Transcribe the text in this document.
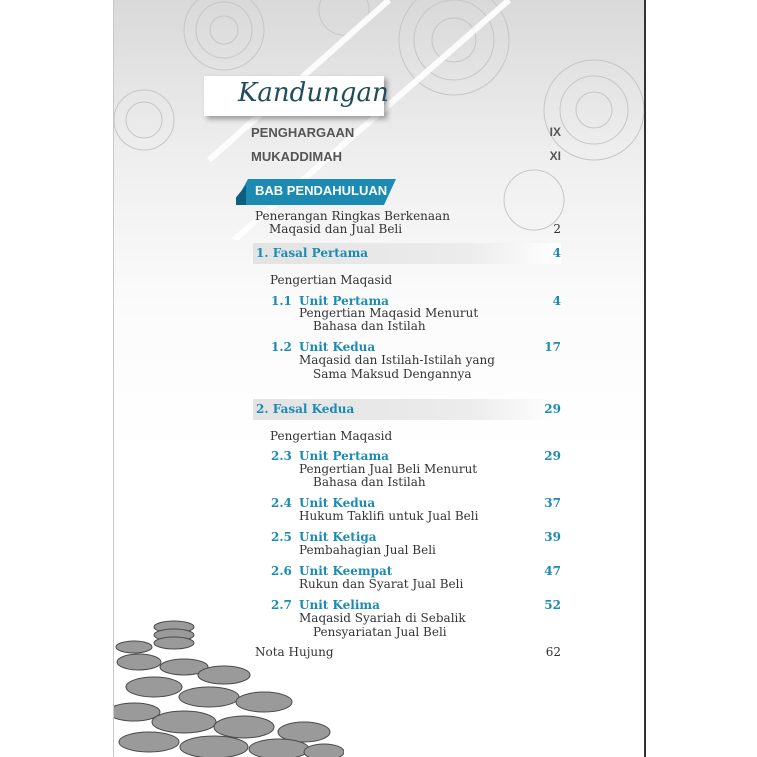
Kandungan
PENGHARGAAN	IX
MUKADDIMAH	XI
BAB PENDAHULUAN
Penerangan Ringkas Berkenaan
Maqasid dan Jual Beli	2
1. Fasal Pertama	4
Pengertian Maqasid
1.1 Unit Pertama	4
Pengertian Maqasid Menurut
Bahasa dan Istilah
1.2 Unit Kedua	17
Maqasid dan Istilah-Istilah yang
Sama Maksud Dengannya
2. Fasal Kedua	29
Pengertian Maqasid
2.3 Unit Pertama	29
Pengertian Jual Beli Menurut
Bahasa dan Istilah
2.4 Unit Kedua	37
Hukum Taklifi untuk Jual Beli
2.5 Unit Ketiga	39
Pembahagian Jual Beli
2.6 Unit Keempat	47
Rukun dan Syarat Jual Beli
2.7 Unit Kelima	52
Maqasid Syariah di Sebalik
Pensyariatan Jual Beli
Nota Hujung	62
